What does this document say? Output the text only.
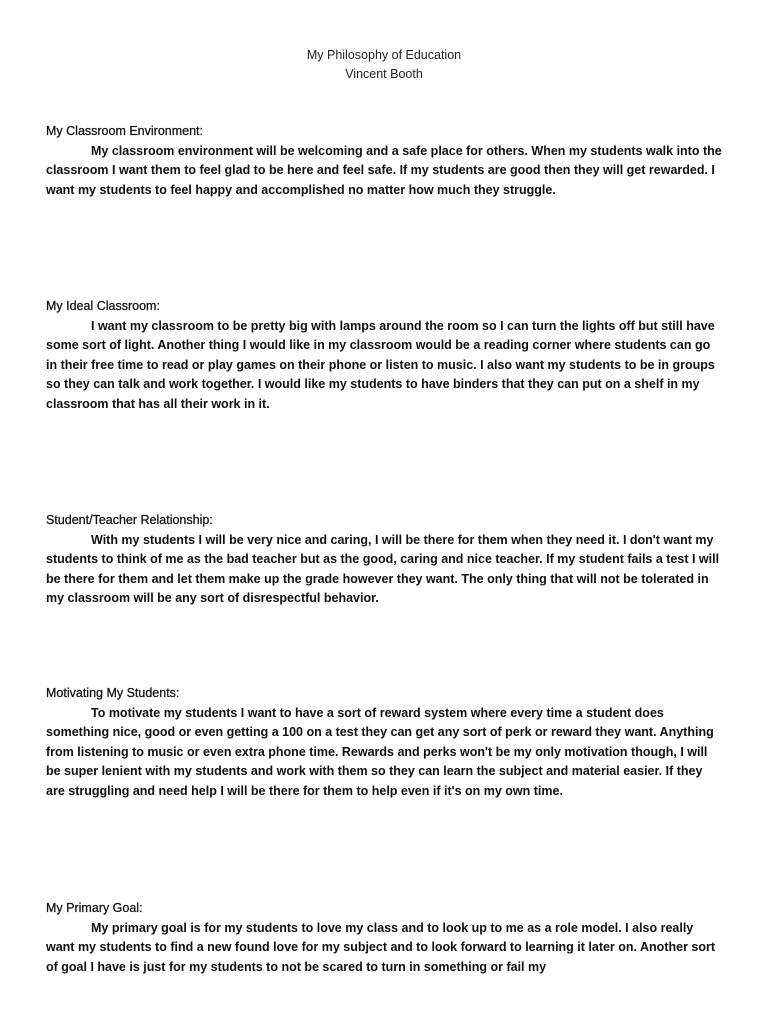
My Philosophy of Education
Vincent Booth
My Classroom Environment:
My classroom environment will be welcoming and a safe place for others. When my students walk into the classroom I want them to feel glad to be here and feel safe. If my students are good then they will get rewarded. I want my students to feel happy and accomplished no matter how much they struggle.
My Ideal Classroom:
I want my classroom to be pretty big with lamps around the room so I can turn the lights off but still have some sort of light. Another thing I would like in my classroom would be a reading corner where students can go in their free time to read or play games on their phone or listen to music. I also want my students to be in groups so they can talk and work together. I would like my students to have binders that they can put on a shelf in my classroom that has all their work in it.
Student/Teacher Relationship:
With my students I will be very nice and caring, I will be there for them when they need it. I don't want my students to think of me as the bad teacher but as the good, caring and nice teacher. If my student fails a test I will be there for them and let them make up the grade however they want. The only thing that will not be tolerated in my classroom will be any sort of disrespectful behavior.
Motivating My Students:
To motivate my students I want to have a sort of reward system where every time a student does something nice, good or even getting a 100 on a test they can get any sort of perk or reward they want. Anything from listening to music or even extra phone time. Rewards and perks won't be my only motivation though, I will be super lenient with my students and work with them so they can learn the subject and material easier. If they are struggling and need help I will be there for them to help even if it's on my own time.
My Primary Goal:
My primary goal is for my students to love my class and to look up to me as a role model. I also really want my students to find a new found love for my subject and to look forward to learning it later on. Another sort of goal I have is just for my students to not be scared to turn in something or fail my
